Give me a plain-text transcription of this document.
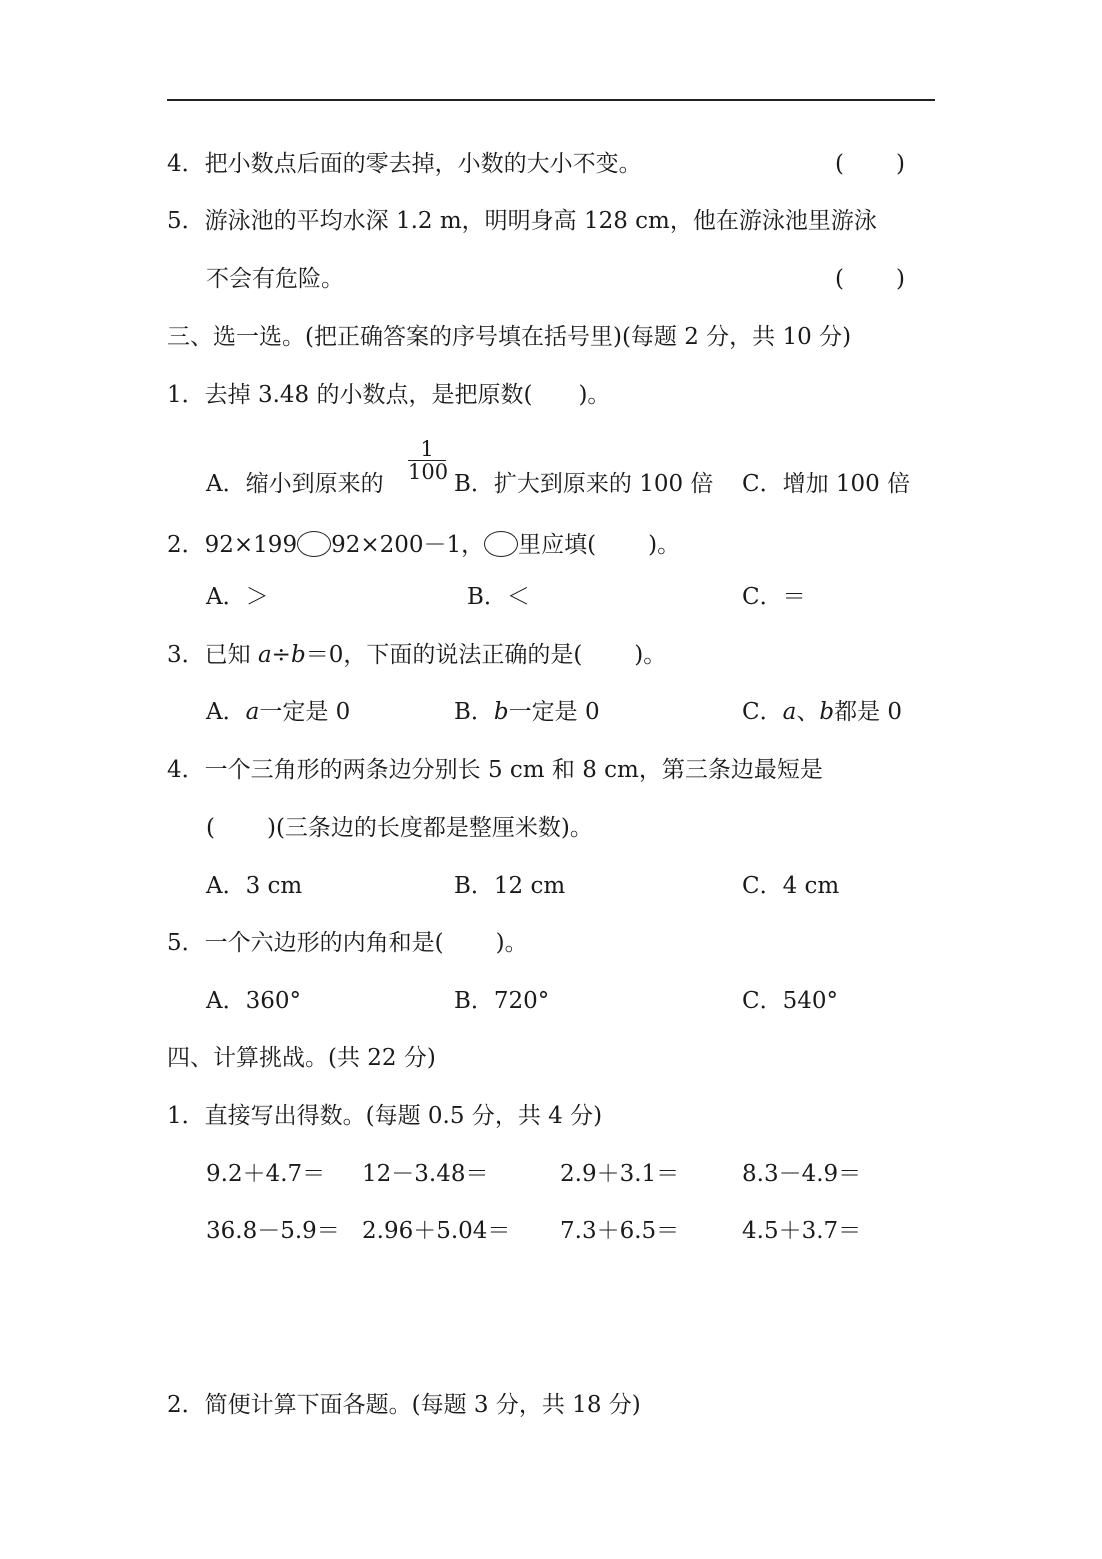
4．把小数点后面的零去掉，小数的大小不变。	( )
5．游泳池的平均水深 1.2 m，明明身高 128 cm，他在游泳池里游泳
不会有危险。	( )
三、选一选。(把正确答案的序号填在括号里)(每题 2 分，共 10 分)
1．去掉 3.48 的小数点，是把原数( )。
$\frac{1}{100}$
A．缩小到原来的	B．扩大到原来的 100 倍 C．增加 100 倍
2．92×199 92×200－1， 里应填( )。
A．＞	B．＜	C．＝
3．已知 a÷b＝0，下面的说法正确的是( )。
A．a一定是 0	B．b一定是 0	C．a、b都是 0
4．一个三角形的两条边分别长 5 cm 和 8 cm，第三条边最短是
( )(三条边的长度都是整厘米数)。
A．3 cm	B．12 cm	C．4 cm
5．一个六边形的内角和是( )。
A．360°	B．720°	C．540°
四、计算挑战。(共 22 分)
1．直接写出得数。(每题 0.5 分，共 4 分)
9.2＋4.7＝ 12－3.48＝	2.9＋3.1＝	8.3－4.9＝
36.8－5.9＝ 2.96＋5.04＝ 7.3＋6.5＝	4.5＋3.7＝
2．简便计算下面各题。(每题 3 分，共 18 分)
